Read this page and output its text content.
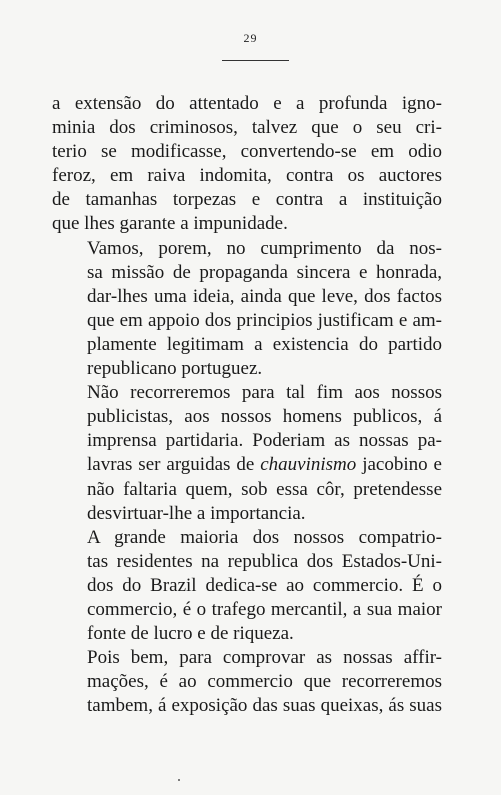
29

a extensão do attentado e a profunda igno-
minia dos criminosos, talvez que o seu cri-
terio se modificasse, convertendo-se em odio
feroz, em raiva indomita, contra os auctores
de tamanhas torpezas e contra a instituição
que lhes garante a impunidade.

Vamos, porem, no cumprimento da nos-
sa missão de propaganda sincera e honrada,
dar-lhes uma ideia, ainda que leve, dos factos
que em appoio dos principios justificam e am-
plamente legitimam a existencia do partido
republicano portuguez.

Não recorreremos para tal fim aos nossos
publicistas, aos nossos homens publicos, á
imprensa partidaria. Poderiam as nossas pa-
lavras ser arguidas de chauvinismo jacobino e
não faltaria quem, sob essa côr, pretendesse
desvirtuar-lhe a importancia.

A grande maioria dos nossos compatrio-
tas residentes na republica dos Estados-Uni-
dos do Brazil dedica-se ao commercio. É o
commercio, é o trafego mercantil, a sua maior
fonte de lucro e de riqueza.

Pois bem, para comprovar as nossas affir-
mações, é ao commercio que recorreremos
tambem, á exposição das suas queixas, ás suas
